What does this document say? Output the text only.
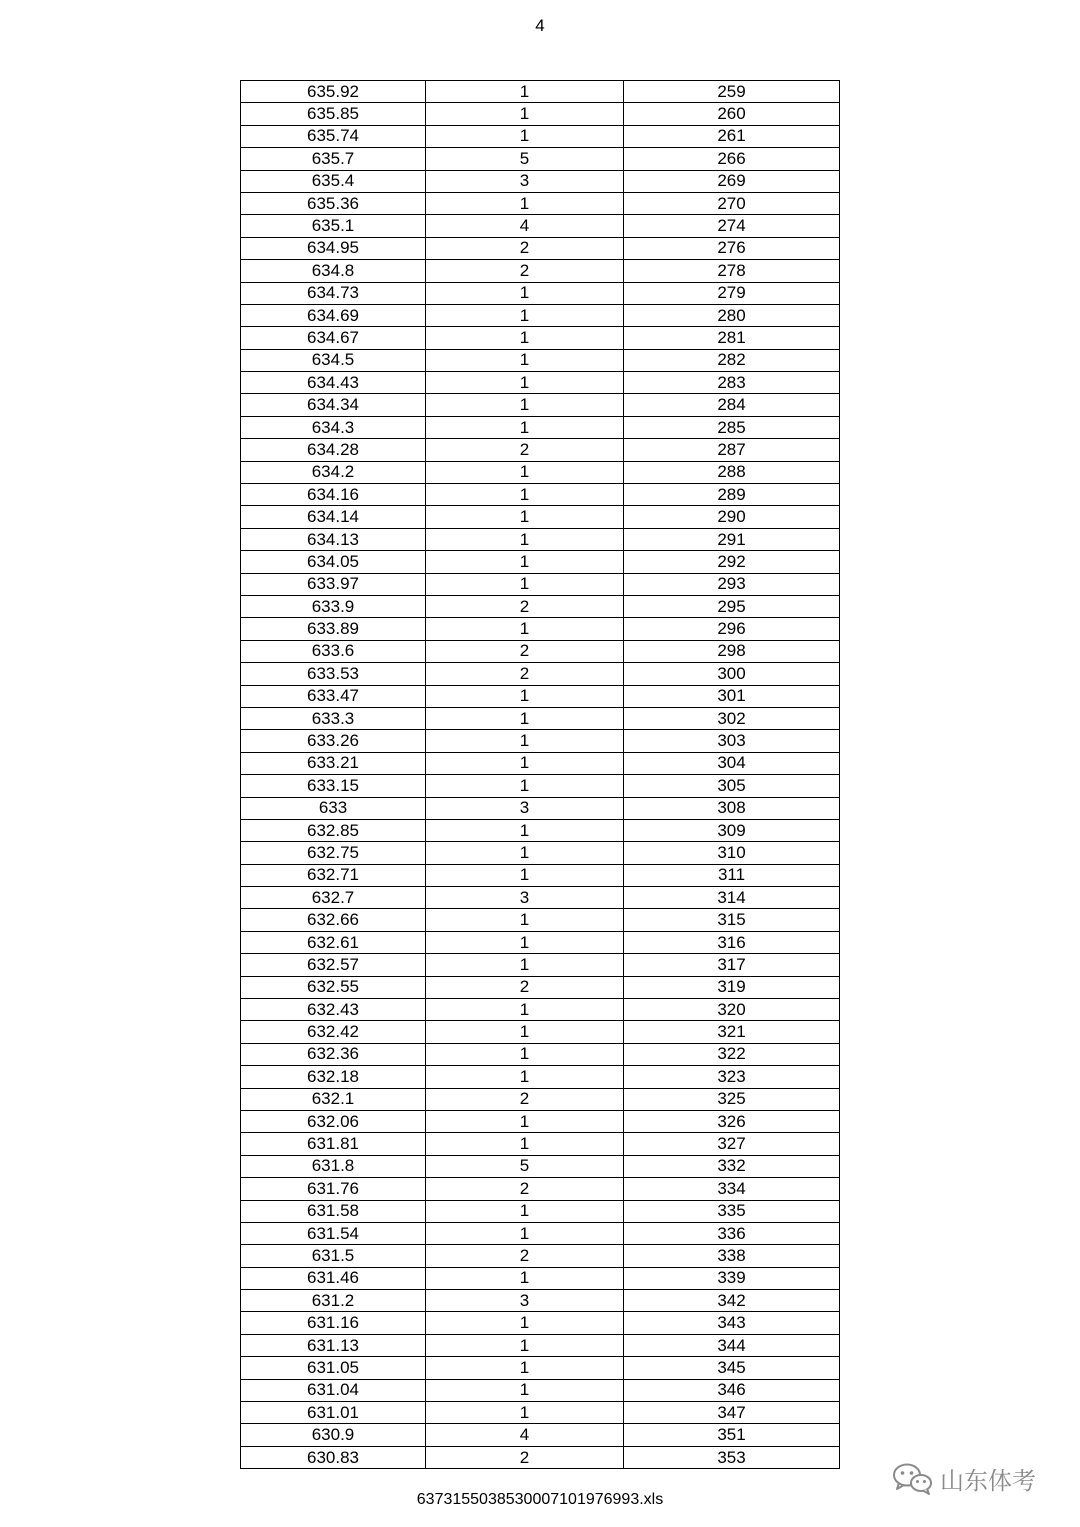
4
635.92	1	259
635.85	1	260
635.74	1	261
635.7	5	266
635.4	3	269
635.36	1	270
635.1	4	274
634.95	2	276
634.8	2	278
634.73	1	279
634.69	1	280
634.67	1	281
634.5	1	282
634.43	1	283
634.34	1	284
634.3	1	285
634.28	2	287
634.2	1	288
634.16	1	289
634.14	1	290
634.13	1	291
634.05	1	292
633.97	1	293
633.9	2	295
633.89	1	296
633.6	2	298
633.53	2	300
633.47	1	301
633.3	1	302
633.26	1	303
633.21	1	304
633.15	1	305
633	3	308
632.85	1	309
632.75	1	310
632.71	1	311
632.7	3	314
632.66	1	315
632.61	1	316
632.57	1	317
632.55	2	319
632.43	1	320
632.42	1	321
632.36	1	322
632.18	1	323
632.1	2	325
632.06	1	326
631.81	1	327
631.8	5	332
631.76	2	334
631.58	1	335
631.54	1	336
631.5	2	338
631.46	1	339
631.2	3	342
631.16	1	343
631.13	1	344
631.05	1	345
631.04	1	346
631.01	1	347
630.9	4	351
630.83	2	353
637315503853000710197699​3.xls
山东体考
